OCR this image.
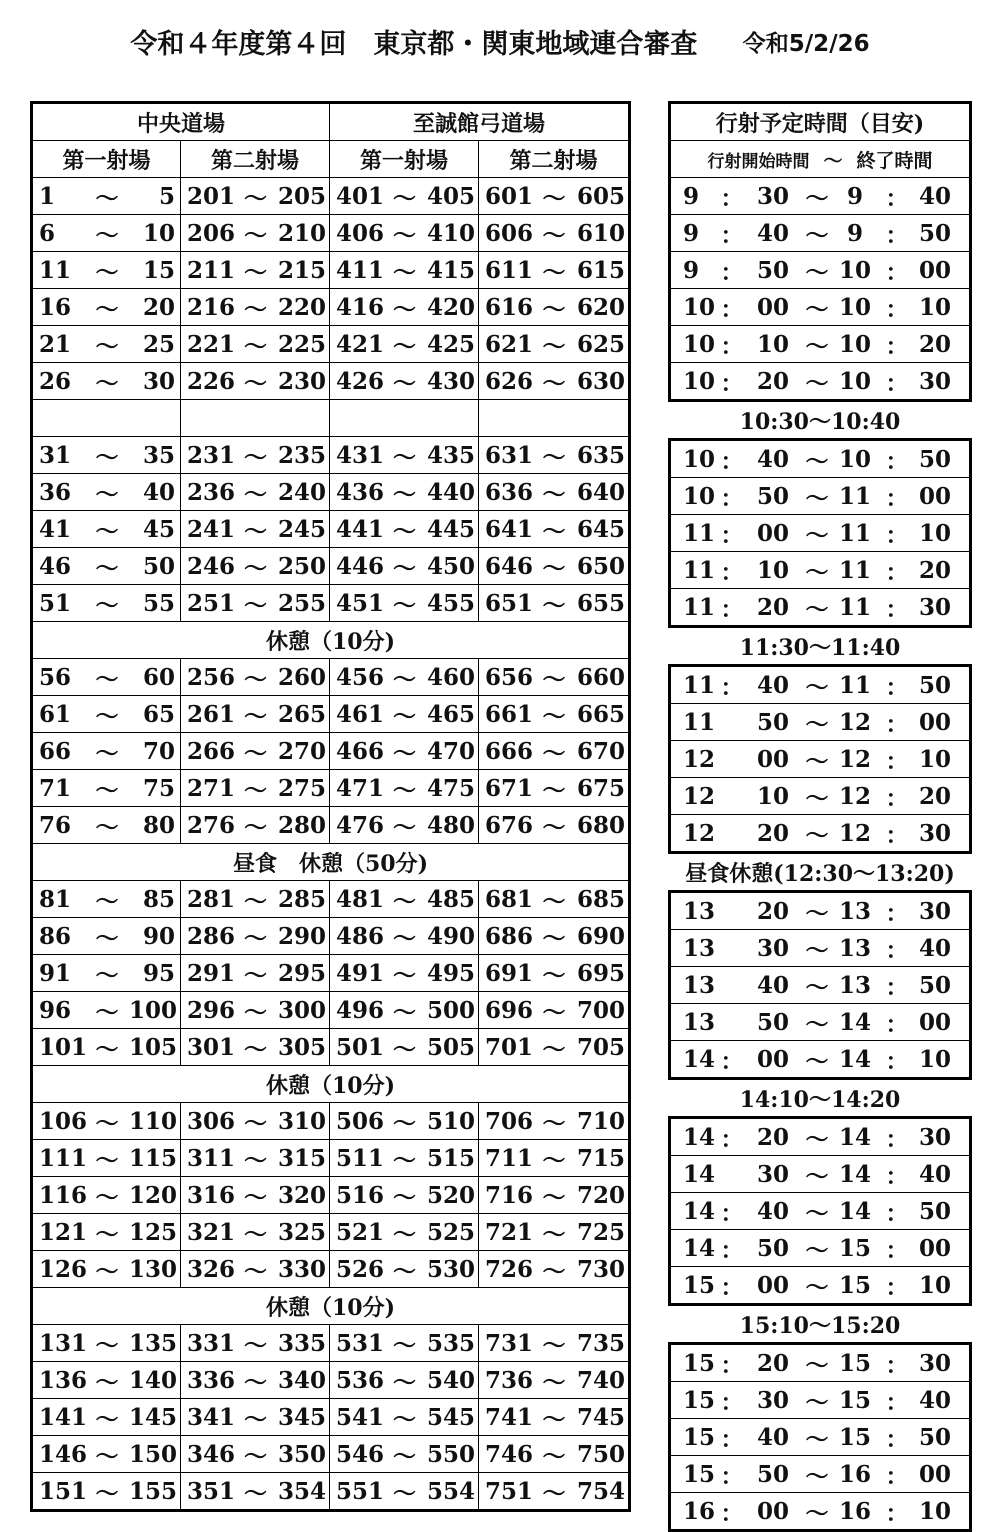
令和４年度第４回　東京都・関東地域連合審査 令和5/2/26
中央道場		至誠館弓道場	
第一射場	第二射場	第一射場	第二射場

1 ～ 5	201 ～ 205	401 ～ 405	601 ～ 605

6 ～ 10	206 ～ 210	406 ～ 410	606 ～ 610

11 ～ 15	211 ～ 215	411 ～ 415	611 ～ 615

16 ～ 20	216 ～ 220	416 ～ 420	616 ～ 620

21 ～ 25	221 ～ 225	421 ～ 425	621 ～ 625

26 ～ 30	226 ～ 230	426 ～ 430	626 ～ 630

31 ～ 35	231 ～ 235	431 ～ 435	631 ～ 635

36 ～ 40	236 ～ 240	436 ～ 440	636 ～ 640

41 ～ 45	241 ～ 245	441 ～ 445	641 ～ 645

46 ～ 50	246 ～ 250	446 ～ 450	646 ～ 650

51 ～ 55	251 ～ 255	451 ～ 455	651 ～ 655

休憩（10分)			

56 ～ 60	256 ～ 260	456 ～ 460	656 ～ 660

61 ～ 65	261 ～ 265	461 ～ 465	661 ～ 665

66 ～ 70	266 ～ 270	466 ～ 470	666 ～ 670

71 ～ 75	271 ～ 275	471 ～ 475	671 ～ 675

76 ～ 80	276 ～ 280	476 ～ 480	676 ～ 680

昼食　休憩（50分)			

81 ～ 85	281 ～ 285	481 ～ 485	681 ～ 685

86 ～ 90	286 ～ 290	486 ～ 490	686 ～ 690

91 ～ 95	291 ～ 295	491 ～ 495	691 ～ 695

96 ～ 100	296 ～ 300	496 ～ 500	696 ～ 700

101 ～ 105	301 ～ 305	501 ～ 505	701 ～ 705

休憩（10分)			

106 ～ 110	306 ～ 310	506 ～ 510	706 ～ 710

111 ～ 115	311 ～ 315	511 ～ 515	711 ～ 715

116 ～ 120	316 ～ 320	516 ～ 520	716 ～ 720

121 ～ 125	321 ～ 325	521 ～ 525	721 ～ 725

126 ～ 130	326 ～ 330	526 ～ 530	726 ～ 730

休憩（10分)			

131 ～ 135	331 ～ 335	531 ～ 535	731 ～ 735

136 ～ 140	336 ～ 340	536 ～ 540	736 ～ 740

141 ～ 145	341 ～ 345	541 ～ 545	741 ～ 745

146 ～ 150	346 ～ 350	546 ～ 550	746 ～ 750

151 ～ 155	351 ～ 354	551 ～ 554	751 ～ 754
行射予定時間（目安)
行射開始時間 ～ 終了時間

9 ： 30 ～ 9 ： 40

9 ： 40 ～ 9 ： 50

9 ： 50 ～ 10 ： 00

10 ： 00 ～ 10 ： 10

10 ： 10 ～ 10 ： 20

10 ： 20 ～ 10 ： 30

10:30～10:40

10 ： 40 ～ 10 ： 50

10 ： 50 ～ 11 ： 00

11 ： 00 ～ 11 ： 10

11 ： 10 ～ 11 ： 20

11 ： 20 ～ 11 ： 30

11:30～11:40

11 ： 40 ～ 11 ： 50

11	50 ～ 12 ： 00

12	00 ～ 12 ： 10

12	10 ～ 12 ： 20

12	20 ～ 12 ： 30

昼食休憩(12:30～13:20)

13	20 ～ 13 ： 30

13	30 ～ 13 ： 40

13	40 ～ 13 ： 50

13	50 ～ 14 ： 00

14 ： 00 ～ 14 ： 10

14:10～14:20

14 ： 20 ～ 14 ： 30

14	30 ～ 14 ： 40

14 ： 40 ～ 14 ： 50

14 ： 50 ～ 15 ： 00

15 ： 00 ～ 15 ： 10

15:10～15:20

15 ： 20 ～ 15 ： 30

15 ： 30 ～ 15 ： 40

15 ： 40 ～ 15 ： 50

15 ： 50 ～ 16 ： 00

16 ： 00 ～ 16 ： 10
